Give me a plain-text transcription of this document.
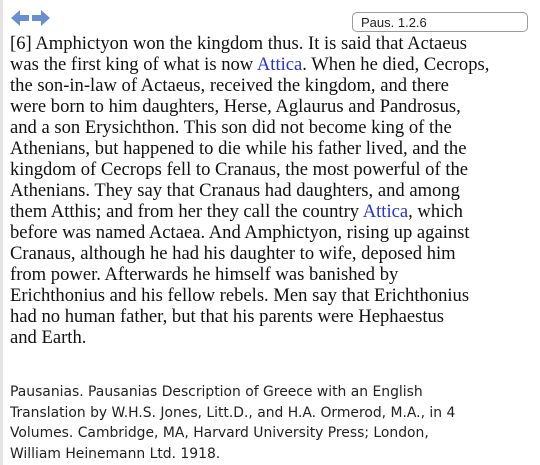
Paus. 1.2.6
[6] Amphictyon won the kingdom thus. It is said that Actaeus
was the first king of what is now Attica. When he died, Cecrops,
the son-in-law of Actaeus, received the kingdom, and there
were born to him daughters, Herse, Aglaurus and Pandrosus,
and a son Erysichthon. This son did not become king of the
Athenians, but happened to die while his father lived, and the
kingdom of Cecrops fell to Cranaus, the most powerful of the
Athenians. They say that Cranaus had daughters, and among
them Atthis; and from her they call the country Attica, which
before was named Actaea. And Amphictyon, rising up against
Cranaus, although he had his daughter to wife, deposed him
from power. Afterwards he himself was banished by
Erichthonius and his fellow rebels. Men say that Erichthonius
had no human father, but that his parents were Hephaestus
and Earth.
Pausanias. Pausanias Description of Greece with an English
Translation by W.H.S. Jones, Litt.D., and H.A. Ormerod, M.A., in 4
Volumes. Cambridge, MA, Harvard University Press; London,
William Heinemann Ltd. 1918.
